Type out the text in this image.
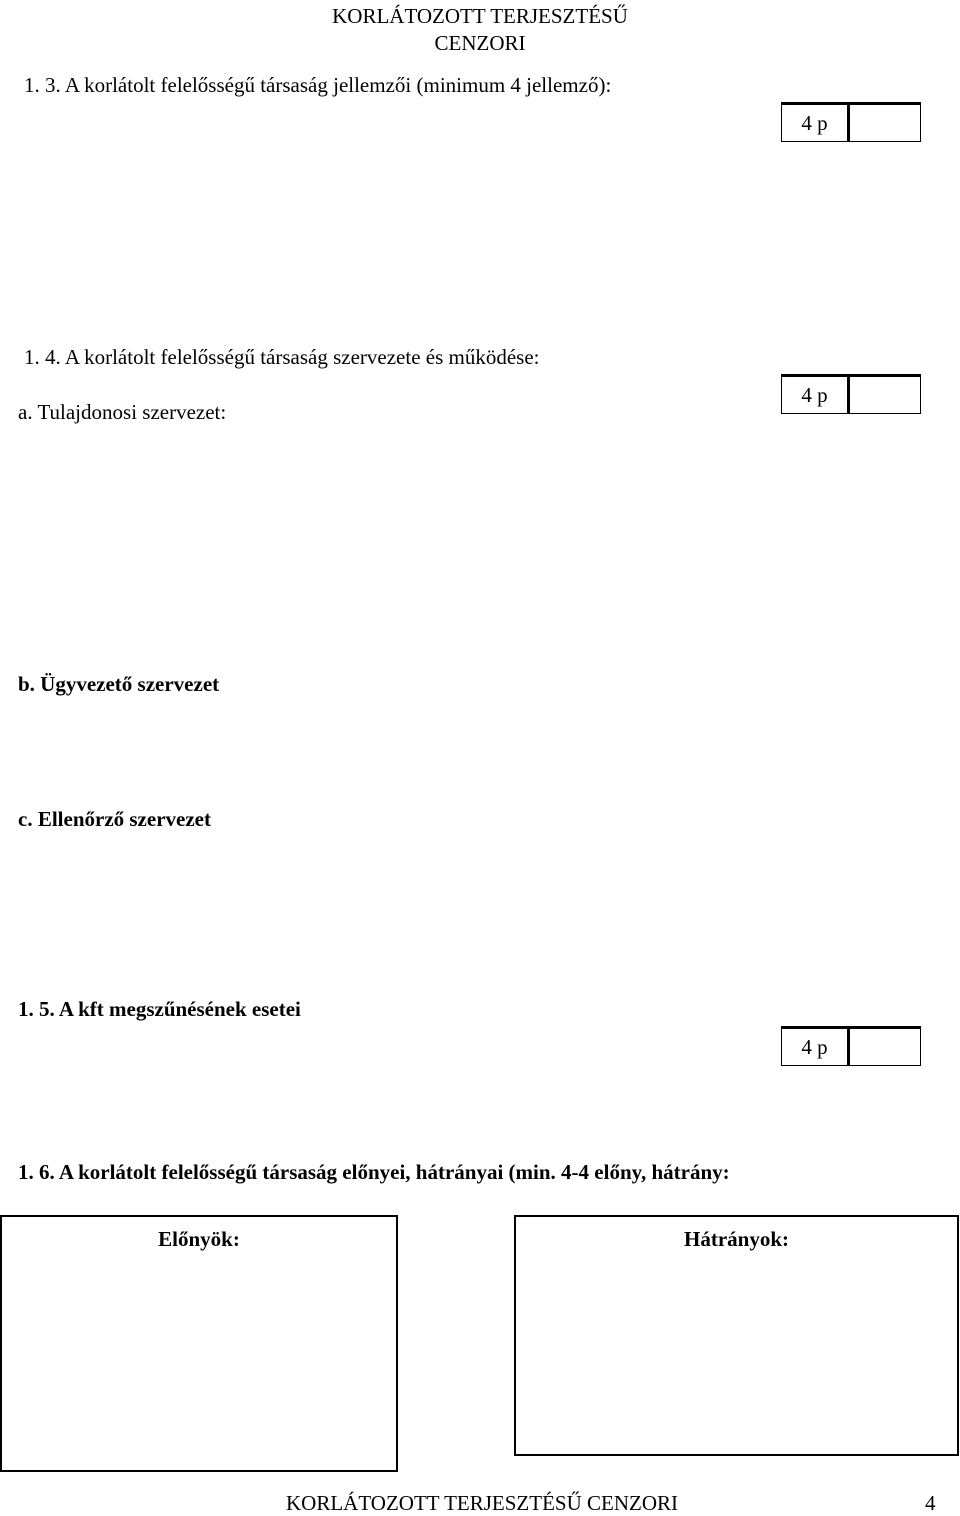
KORLÁTOZOTT TERJESZTÉSŰ
CENZORI
1. 3. A korlátolt felelősségű társaság jellemzői (minimum 4 jellemző):
4 p
1. 4. A korlátolt felelősségű társaság szervezete és működése:
a. Tulajdonosi szervezet:
4 p
b. Ügyvezető szervezet
c. Ellenőrző szervezet
1. 5. A kft megszűnésének esetei
4 p
1. 6. A korlátolt felelősségű társaság előnyei, hátrányai (min. 4-4 előny, hátrány:
Előnyök:	Hátrányok:
KORLÁTOZOTT TERJESZTÉSŰ CENZORI	4
